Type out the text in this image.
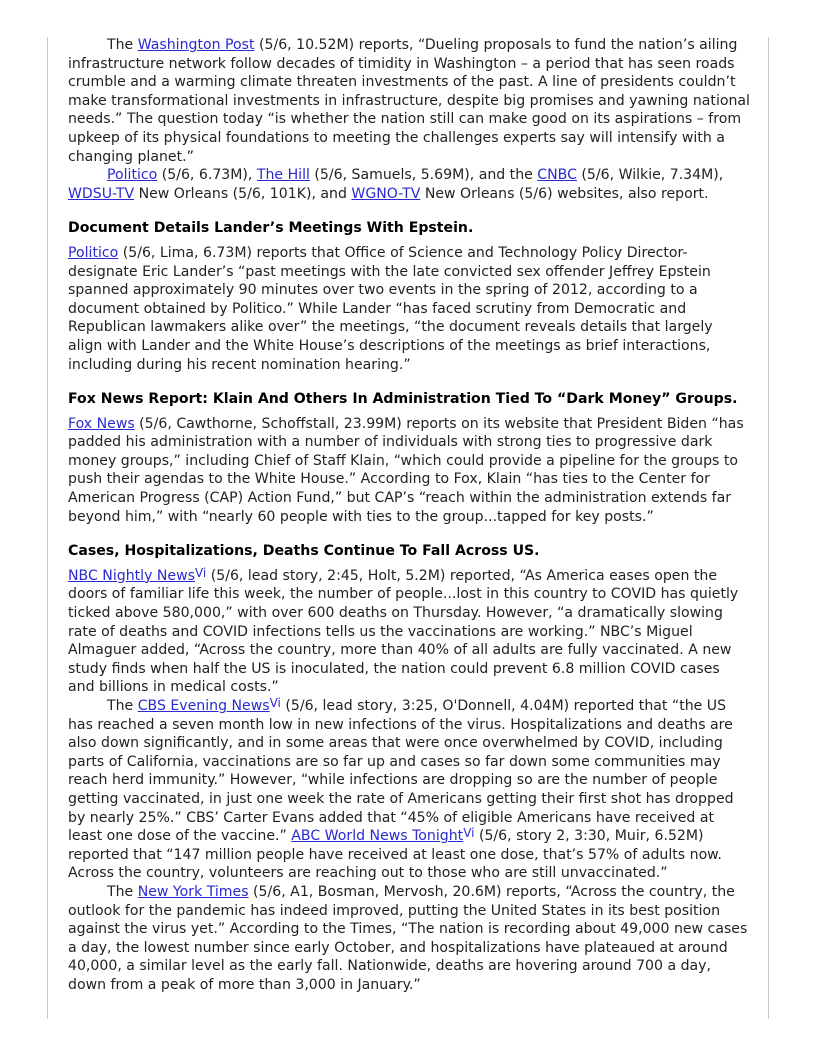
The Washington Post (5/6, 10.52M) reports, “Dueling proposals to fund the nation’s ailing infrastructure network follow decades of timidity in Washington – a period that has seen roads crumble and a warming climate threaten investments of the past. A line of presidents couldn’t make transformational investments in infrastructure, despite big promises and yawning national needs.” The question today “is whether the nation still can make good on its aspirations – from upkeep of its physical foundations to meeting the challenges experts say will intensify with a changing planet.”

Politico (5/6, 6.73M), The Hill (5/6, Samuels, 5.69M), and the CNBC (5/6, Wilkie, 7.34M), WDSU-TV New Orleans (5/6, 101K), and WGNO-TV New Orleans (5/6) websites, also report.

Document Details Lander’s Meetings With Epstein.

Politico (5/6, Lima, 6.73M) reports that Office of Science and Technology Policy Director-designate Eric Lander’s “past meetings with the late convicted sex offender Jeffrey Epstein spanned approximately 90 minutes over two events in the spring of 2012, according to a document obtained by Politico.” While Lander “has faced scrutiny from Democratic and Republican lawmakers alike over” the meetings, “the document reveals details that largely align with Lander and the White House’s descriptions of the meetings as brief interactions, including during his recent nomination hearing.”

Fox News Report: Klain And Others In Administration Tied To “Dark Money” Groups.

Fox News (5/6, Cawthorne, Schoffstall, 23.99M) reports on its website that President Biden “has padded his administration with a number of individuals with strong ties to progressive dark money groups,” including Chief of Staff Klain, “which could provide a pipeline for the groups to push their agendas to the White House.” According to Fox, Klain “has ties to the Center for American Progress (CAP) Action Fund,” but CAP’s “reach within the administration extends far beyond him,” with “nearly 60 people with ties to the group...tapped for key posts.”

Cases, Hospitalizations, Deaths Continue To Fall Across US.

NBC Nightly News$^{Vi}$ (5/6, lead story, 2:45, Holt, 5.2M) reported, “As America eases open the doors of familiar life this week, the number of people...lost in this country to COVID has quietly ticked above 580,000,” with over 600 deaths on Thursday. However, “a dramatically slowing rate of deaths and COVID infections tells us the vaccinations are working.” NBC’s Miguel Almaguer added, “Across the country, more than 40% of all adults are fully vaccinated. A new study finds when half the US is inoculated, the nation could prevent 6.8 million COVID cases and billions in medical costs.”

The CBS Evening News$^{Vi}$ (5/6, lead story, 3:25, O'Donnell, 4.04M) reported that “the US has reached a seven month low in new infections of the virus. Hospitalizations and deaths are also down significantly, and in some areas that were once overwhelmed by COVID, including parts of California, vaccinations are so far up and cases so far down some communities may reach herd immunity.” However, “while infections are dropping so are the number of people getting vaccinated, in just one week the rate of Americans getting their first shot has dropped by nearly 25%.” CBS’ Carter Evans added that “45% of eligible Americans have received at least one dose of the vaccine.” ABC World News Tonight$^{Vi}$ (5/6, story 2, 3:30, Muir, 6.52M) reported that “147 million people have received at least one dose, that’s 57% of adults now. Across the country, volunteers are reaching out to those who are still unvaccinated.”

The New York Times (5/6, A1, Bosman, Mervosh, 20.6M) reports, “Across the country, the outlook for the pandemic has indeed improved, putting the United States in its best position against the virus yet.” According to the Times, “The nation is recording about 49,000 new cases a day, the lowest number since early October, and hospitalizations have plateaued at around 40,000, a similar level as the early fall. Nationwide, deaths are hovering around 700 a day, down from a peak of more than 3,000 in January.”
